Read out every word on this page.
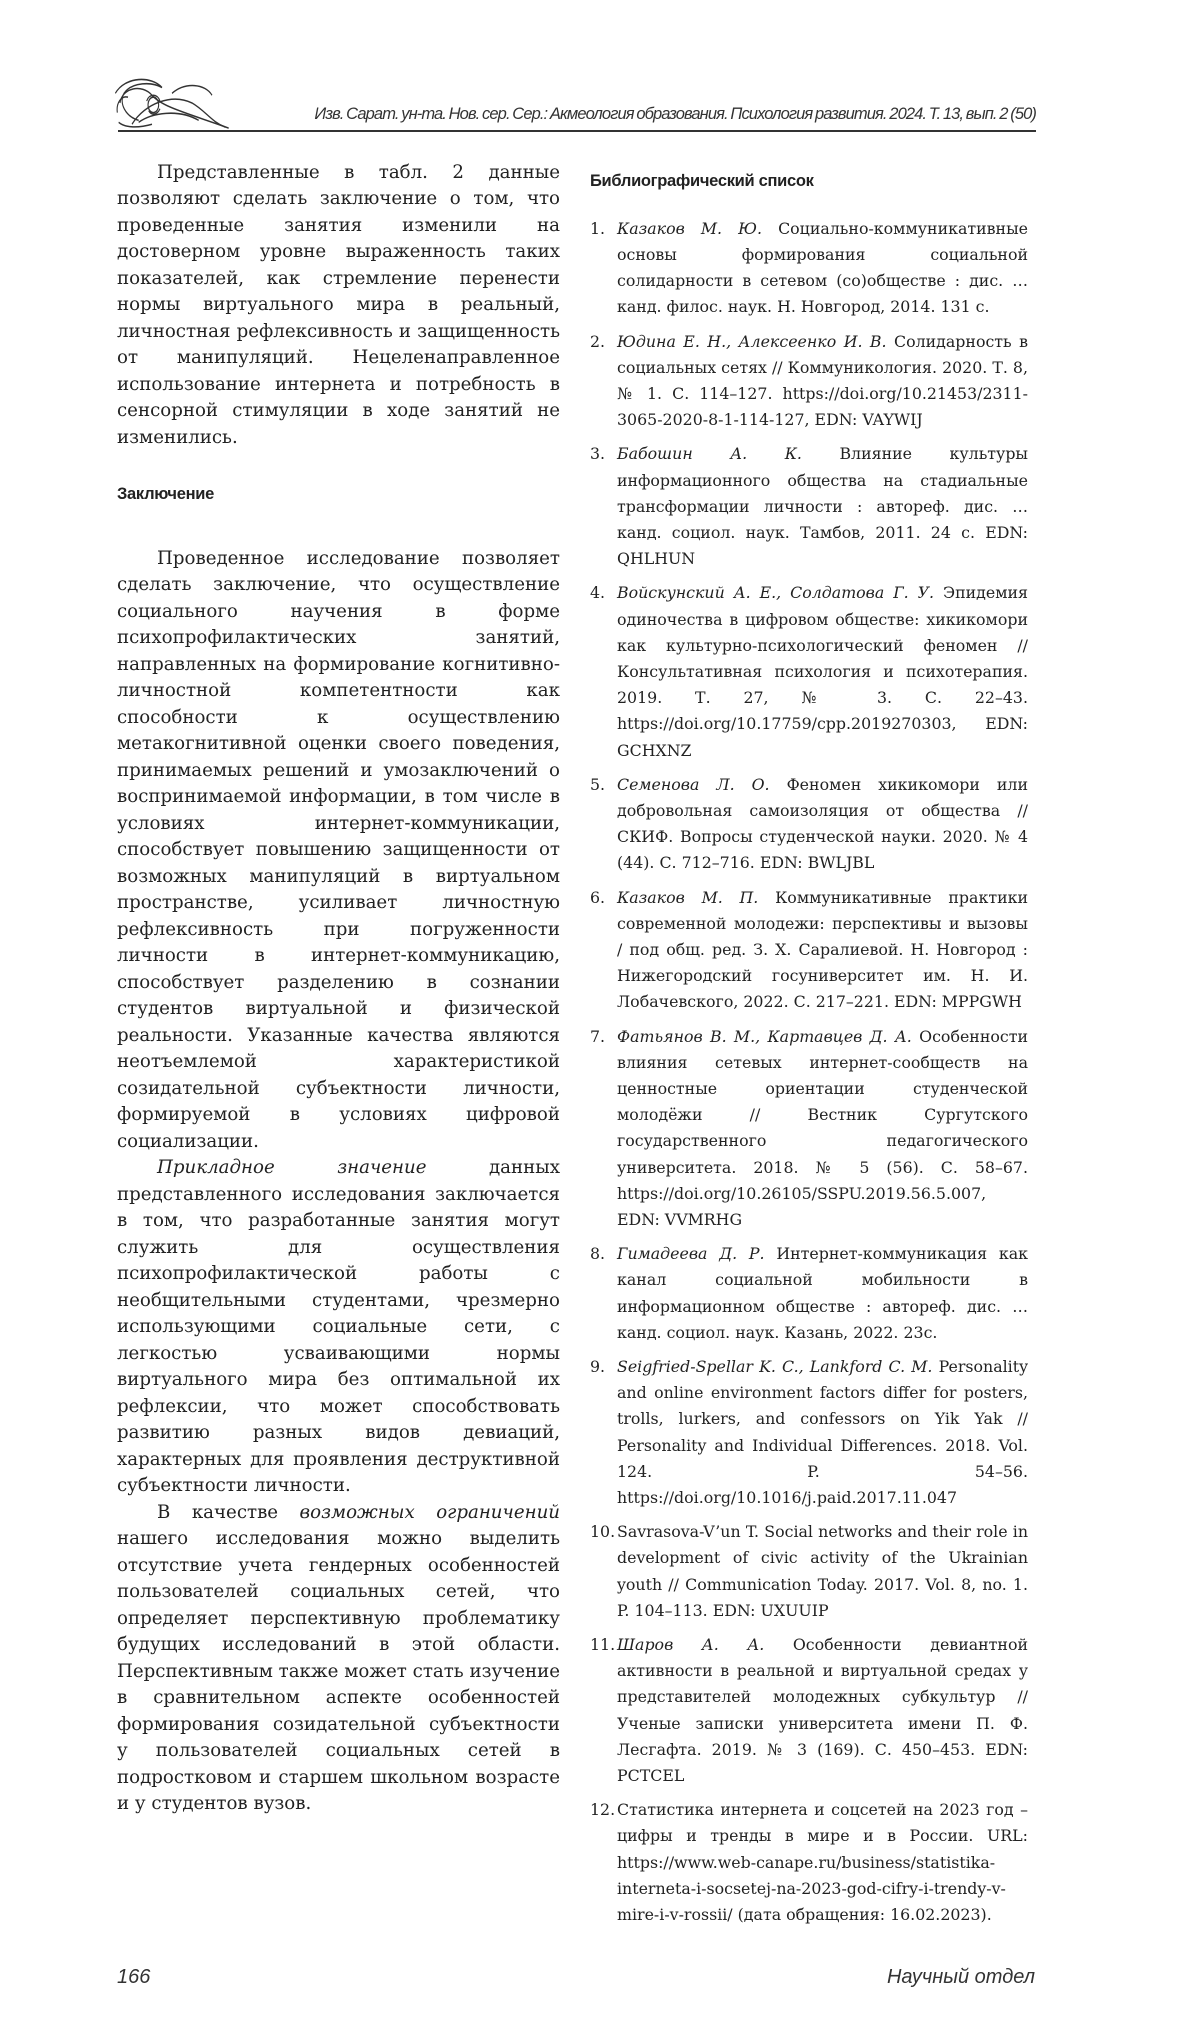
Изв. Сарат. ун-та. Нов. сер. Сер.: Акмеология образования. Психология развития. 2024. Т. 13, вып. 2 (50)

Представленные в табл. 2 данные позволяют сделать заключение о том, что проведенные занятия изменили на достоверном уровне выраженность таких показателей, как стремление перенести нормы виртуального мира в реальный, личностная рефлексивность и защищенность от манипуляций. Нецеленаправленное использование интернета и потребность в сенсорной стимуляции в ходе занятий не изменились.

Заключение

Проведенное исследование позволяет сделать заключение, что осуществление социального научения в форме психопрофилактических занятий, направленных на формирование когнитивно-личностной компетентности как способности к осуществлению метакогнитивной оценки своего поведения, принимаемых решений и умозаключений о воспринимаемой информации, в том числе в условиях интернет-коммуникации, способствует повышению защищенности от возможных манипуляций в виртуальном пространстве, усиливает личностную рефлексивность при погруженности личности в интернет-коммуникацию, способствует разделению в сознании студентов виртуальной и физической реальности. Указанные качества являются неотъемлемой характеристикой созидательной субъектности личности, формируемой в условиях цифровой социализации.

Прикладное значение данных представленного исследования заключается в том, что разработанные занятия могут служить для осуществления психопрофилактической работы с необщительными студентами, чрезмерно использующими социальные сети, с легкостью усваивающими нормы виртуального мира без оптимальной их рефлексии, что может способствовать развитию разных видов девиаций, характерных для проявления деструктивной субъектности личности.

В качестве возможных ограничений нашего исследования можно выделить отсутствие учета гендерных особенностей пользователей социальных сетей, что определяет перспективную проблематику будущих исследований в этой области. Перспективным также может стать изучение в сравнительном аспекте особенностей формирования созидательной субъектности у пользователей социальных сетей в подростковом и старшем школьном возрасте и у студентов вузов.

Библиографический список
1. Казаков М. Ю. Социально-коммуникативные основы формирования социальной солидарности в сетевом (со)обществе : дис. … канд. филос. наук. Н. Новгород, 2014. 131 с.
2. Юдина Е. Н., Алексеенко И. В. Солидарность в социальных сетях // Коммуникология. 2020. Т. 8, № 1. С. 114–127. https://doi.org/10.21453/2311-3065-2020-8-1-114-127, EDN: VAYWIJ
3. Бабошин А. К. Влияние культуры информационного общества на стадиальные трансформации личности : автореф. дис. … канд. социол. наук. Тамбов, 2011. 24 с. EDN: QHLHUN
4. Войскунский А. Е., Солдатова Г. У. Эпидемия одиночества в цифровом обществе: хикикомори как культурно-психологический феномен // Консультативная психология и психотерапия. 2019. Т. 27, № 3. С. 22–43. https://doi.org/10.17759/cpp.2019270303, EDN: GCHXNZ
5. Семенова Л. О. Феномен хикикомори или добровольная самоизоляция от общества // СКИФ. Вопросы студенческой науки. 2020. № 4 (44). С. 712–716. EDN: BWLJBL
6. Казаков М. П. Коммуникативные практики современной молодежи: перспективы и вызовы / под общ. ред. З. Х. Саралиевой. Н. Новгород : Нижегородский госуниверситет им. Н. И. Лобачевского, 2022. С. 217–221. EDN: MPPGWH
7. Фатьянов В. М., Картавцев Д. А. Особенности влияния сетевых интернет-сообществ на ценностные ориентации студенческой молодёжи // Вестник Сургутского государственного педагогического университета. 2018. № 5 (56). С. 58–67. https://doi.org/10.26105/SSPU.2019.56.5.007, EDN: VVMRHG
8. Гимадеева Д. Р. Интернет-коммуникация как канал социальной мобильности в информационном обществе : автореф. дис. … канд. социол. наук. Казань, 2022. 23с.
9. Seigfried-Spellar K. C., Lankford C. M. Personality and online environment factors differ for posters, trolls, lurkers, and confessors on Yik Yak // Personality and Individual Differences. 2018. Vol. 124. P. 54–56. https://doi.org/10.1016/j.paid.2017.11.047
10. Savrasova-V’un T. Social networks and their role in development of civic activity of the Ukrainian youth // Communication Today. 2017. Vol. 8, no. 1. P. 104–113. EDN: UXUUIP
11. Шаров А. А. Особенности девиантной активности в реальной и виртуальной средах у представителей молодежных субкультур // Ученые записки университета имени П. Ф. Лесгафта. 2019. № 3 (169). С. 450–453. EDN: PCTCEL
12. Статистика интернета и соцсетей на 2023 год – цифры и тренды в мире и в России. URL: https://www.web-canape.ru/business/statistika-interneta-i-socsetej-na-2023-god-cifry-i-trendy-v-mire-i-v-rossii/ (дата обращения: 16.02.2023).
166	Научный отдел
